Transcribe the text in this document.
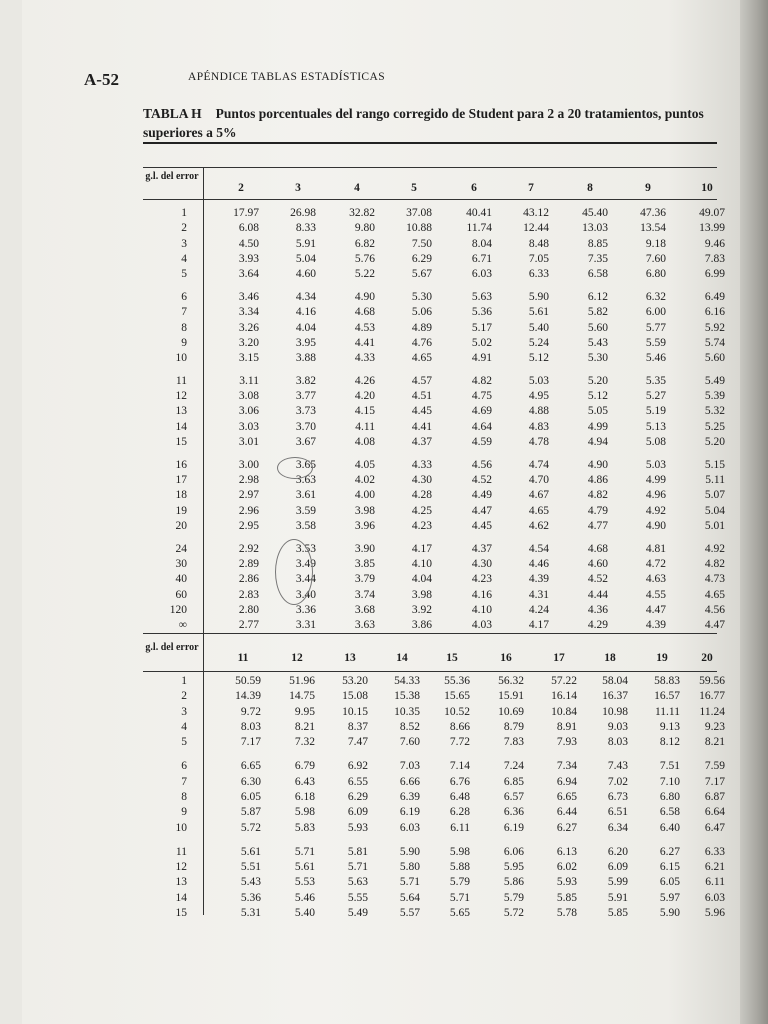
A-52	APÉNDICE TABLAS ESTADÍSTICAS
TABLA H Puntos porcentuales del rango corregido de Student para 2 a 20 tratamientos, puntos superiores a 5%
g.l. del error
2	3	4	5	6	7	8	9	10
1	17.97	26.98	32.82	37.08	40.41	43.12	45.40	47.36	49.07
2	6.08	8.33	9.80	10.88	11.74	12.44	13.03	13.54	13.99
3	4.50	5.91	6.82	7.50	8.04	8.48	8.85	9.18	9.46
4	3.93	5.04	5.76	6.29	6.71	7.05	7.35	7.60	7.83
5	3.64	4.60	5.22	5.67	6.03	6.33	6.58	6.80	6.99
6	3.46	4.34	4.90	5.30	5.63	5.90	6.12	6.32	6.49
7	3.34	4.16	4.68	5.06	5.36	5.61	5.82	6.00	6.16
8	3.26	4.04	4.53	4.89	5.17	5.40	5.60	5.77	5.92
9	3.20	3.95	4.41	4.76	5.02	5.24	5.43	5.59	5.74
10	3.15	3.88	4.33	4.65	4.91	5.12	5.30	5.46	5.60
11	3.11	3.82	4.26	4.57	4.82	5.03	5.20	5.35	5.49
12	3.08	3.77	4.20	4.51	4.75	4.95	5.12	5.27	5.39
13	3.06	3.73	4.15	4.45	4.69	4.88	5.05	5.19	5.32
14	3.03	3.70	4.11	4.41	4.64	4.83	4.99	5.13	5.25
15	3.01	3.67	4.08	4.37	4.59	4.78	4.94	5.08	5.20
16	3.00	3.65	4.05	4.33	4.56	4.74	4.90	5.03	5.15
17	2.98	3.63	4.02	4.30	4.52	4.70	4.86	4.99	5.11
18	2.97	3.61	4.00	4.28	4.49	4.67	4.82	4.96	5.07
19	2.96	3.59	3.98	4.25	4.47	4.65	4.79	4.92	5.04
20	2.95	3.58	3.96	4.23	4.45	4.62	4.77	4.90	5.01
24	2.92	3.53	3.90	4.17	4.37	4.54	4.68	4.81	4.92
30	2.89	3.49	3.85	4.10	4.30	4.46	4.60	4.72	4.82
40	2.86	3.44	3.79	4.04	4.23	4.39	4.52	4.63	4.73
60	2.83	3.40	3.74	3.98	4.16	4.31	4.44	4.55	4.65
120	2.80	3.36	3.68	3.92	4.10	4.24	4.36	4.47	4.56
∞	2.77	3.31	3.63	3.86	4.03	4.17	4.29	4.39	4.47
g.l. del error
11	12	13	14	15	16	17	18	19	20
1	50.59	51.96	53.20	54.33	55.36	56.32	57.22	58.04	58.83	59.56
2	14.39	14.75	15.08	15.38	15.65	15.91	16.14	16.37	16.57	16.77
3	9.72	9.95	10.15	10.35	10.52	10.69	10.84	10.98	11.11	11.24
4	8.03	8.21	8.37	8.52	8.66	8.79	8.91	9.03	9.13	9.23
5	7.17	7.32	7.47	7.60	7.72	7.83	7.93	8.03	8.12	8.21
6	6.65	6.79	6.92	7.03	7.14	7.24	7.34	7.43	7.51	7.59
7	6.30	6.43	6.55	6.66	6.76	6.85	6.94	7.02	7.10	7.17
8	6.05	6.18	6.29	6.39	6.48	6.57	6.65	6.73	6.80	6.87
9	5.87	5.98	6.09	6.19	6.28	6.36	6.44	6.51	6.58	6.64
10	5.72	5.83	5.93	6.03	6.11	6.19	6.27	6.34	6.40	6.47
11	5.61	5.71	5.81	5.90	5.98	6.06	6.13	6.20	6.27	6.33
12	5.51	5.61	5.71	5.80	5.88	5.95	6.02	6.09	6.15	6.21
13	5.43	5.53	5.63	5.71	5.79	5.86	5.93	5.99	6.05	6.11
14	5.36	5.46	5.55	5.64	5.71	5.79	5.85	5.91	5.97	6.03
15	5.31	5.40	5.49	5.57	5.65	5.72	5.78	5.85	5.90	5.96
